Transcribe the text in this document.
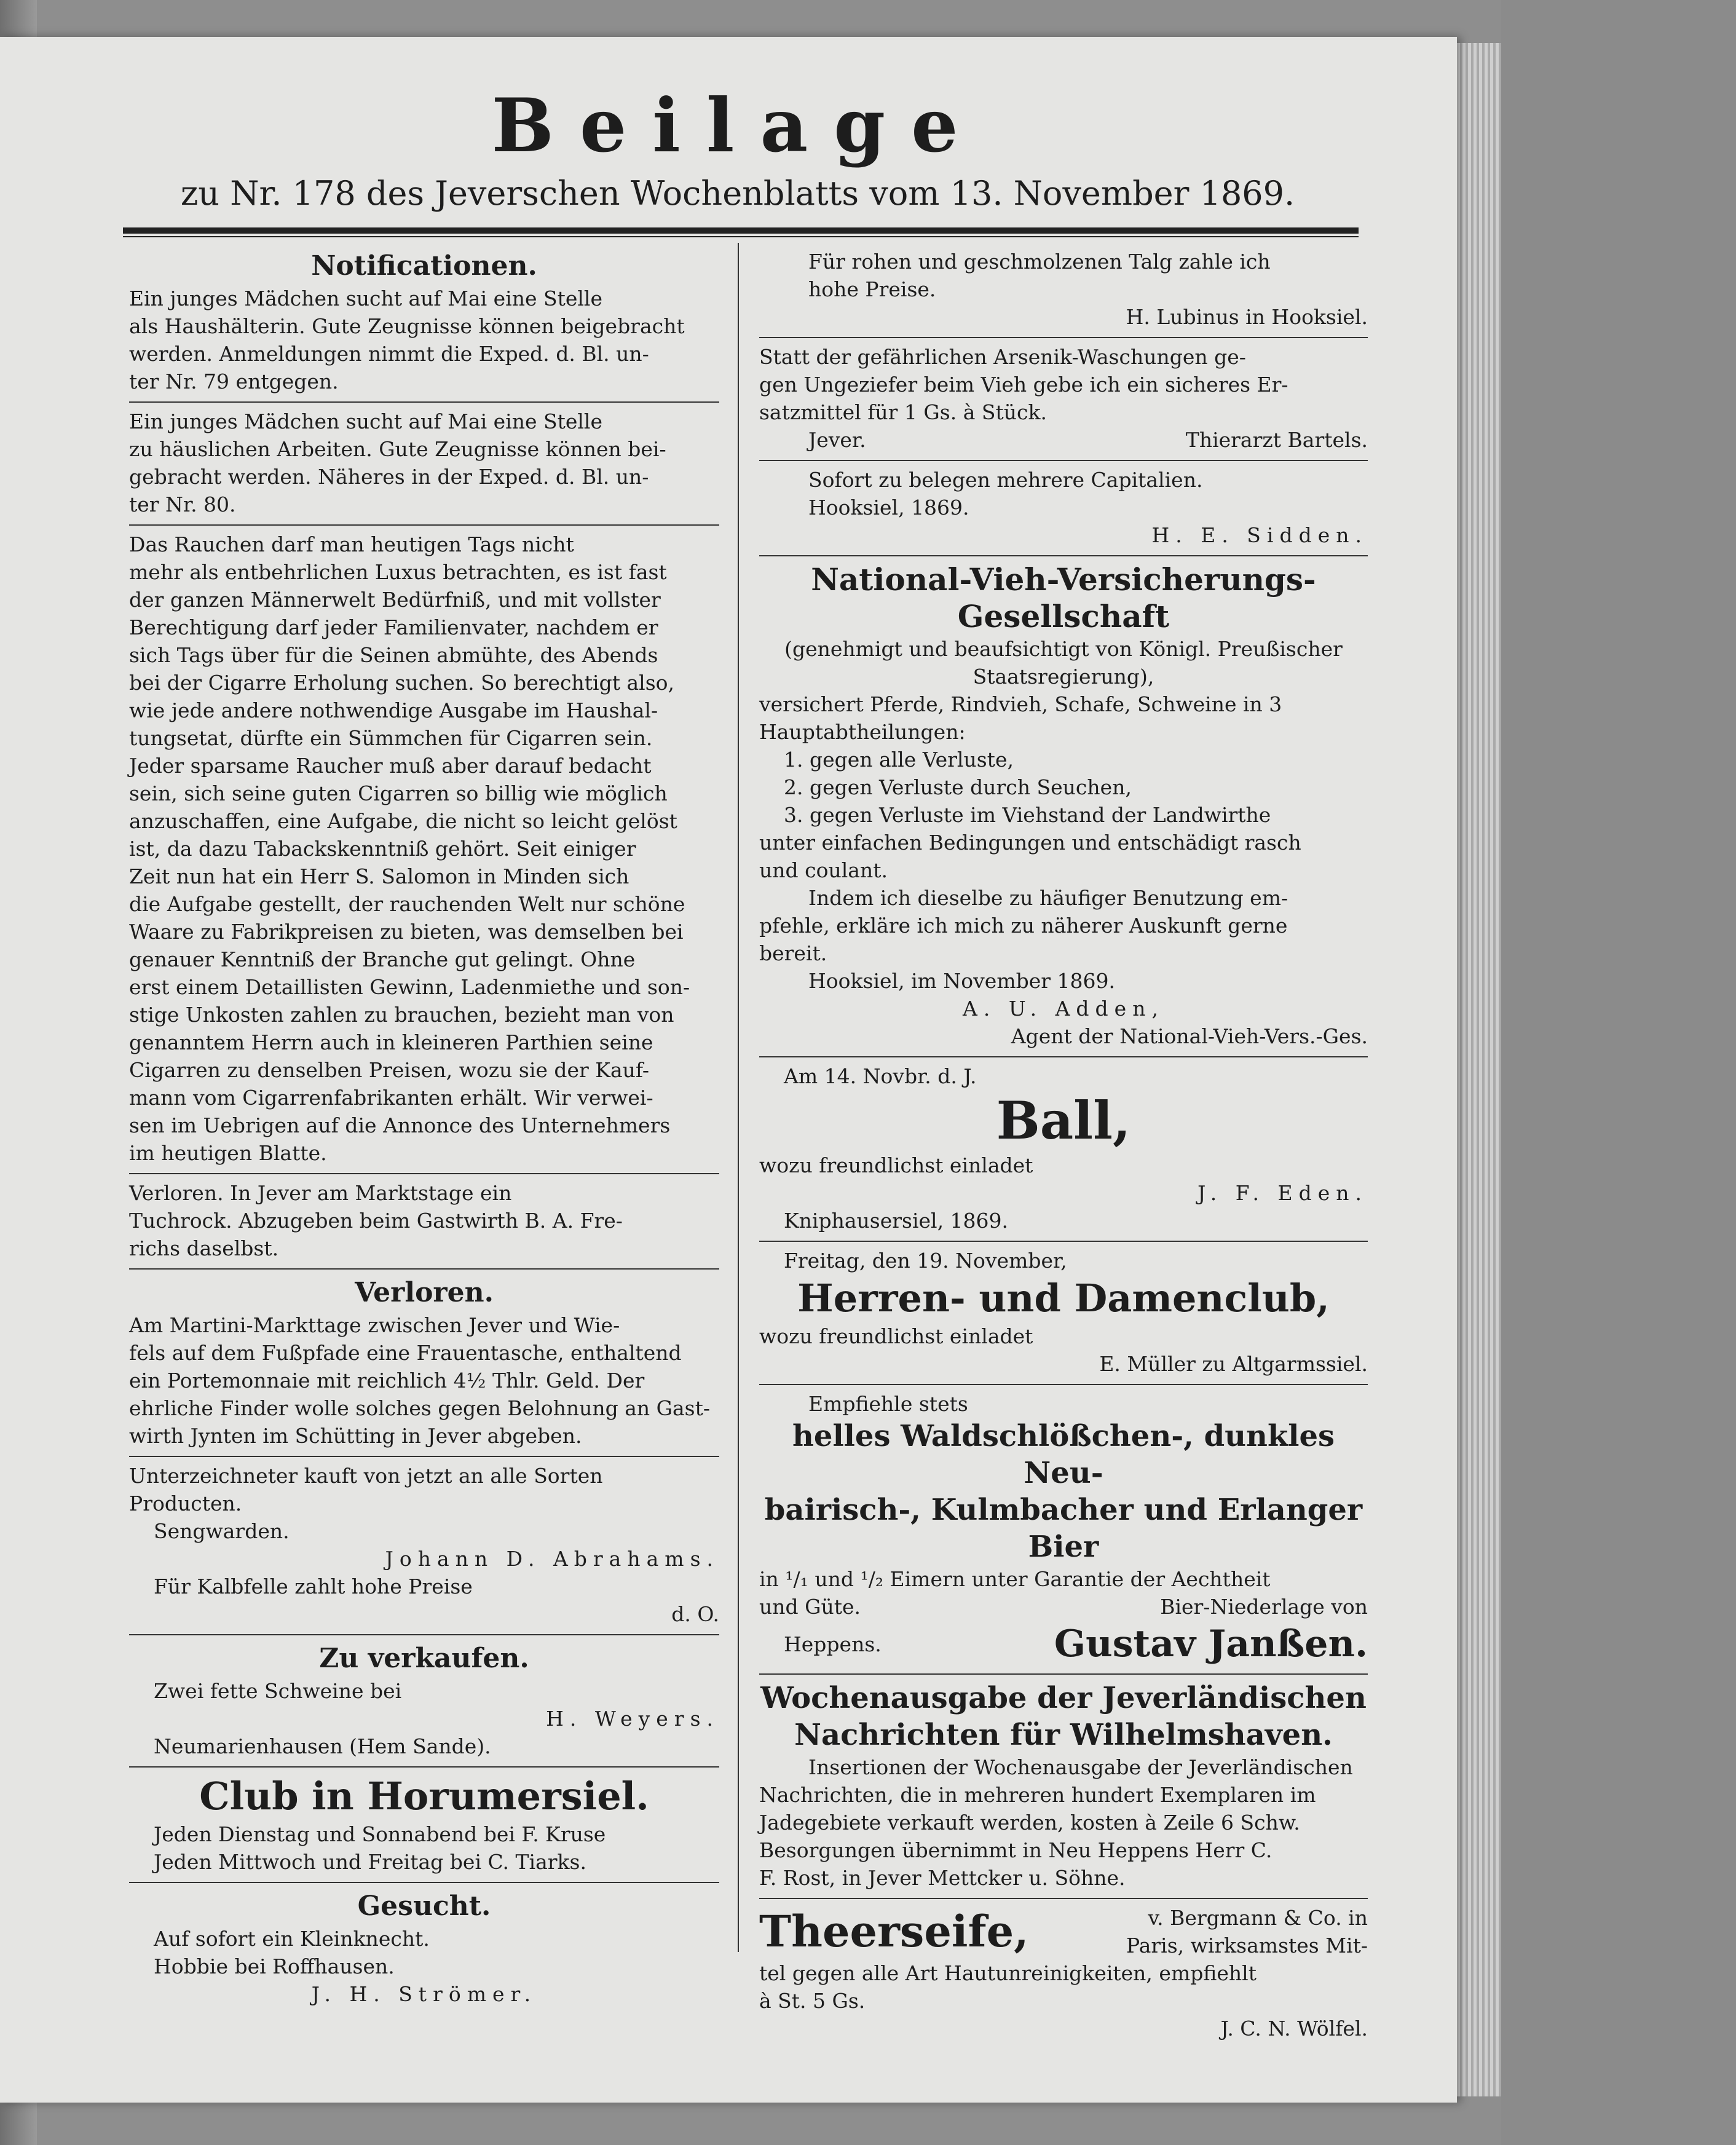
Beilage
zu Nr. 178 des Jeverschen Wochenblatts vom 13. November 1869.
Notificationen.

Ein junges Mädchen sucht auf Mai eine Stelle

als Haushälterin. Gute Zeugnisse können beigebracht

werden. Anmeldungen nimmt die Exped. d. Bl. un-

ter Nr. 79 entgegen.

Ein junges Mädchen sucht auf Mai eine Stelle

zu häuslichen Arbeiten. Gute Zeugnisse können bei-

gebracht werden. Näheres in der Exped. d. Bl. un-

ter Nr. 80.

Das Rauchen darf man heutigen Tags nicht

mehr als entbehrlichen Luxus betrachten, es ist fast

der ganzen Männerwelt Bedürfniß, und mit vollster

Berechtigung darf jeder Familienvater, nachdem er

sich Tags über für die Seinen abmühte, des Abends

bei der Cigarre Erholung suchen. So berechtigt also,

wie jede andere nothwendige Ausgabe im Haushal-

tungsetat, dürfte ein Sümmchen für Cigarren sein.

Jeder sparsame Raucher muß aber darauf bedacht

sein, sich seine guten Cigarren so billig wie möglich

anzuschaffen, eine Aufgabe, die nicht so leicht gelöst

ist, da dazu Tabackskenntniß gehört. Seit einiger

Zeit nun hat ein Herr S. Salomon in Minden sich

die Aufgabe gestellt, der rauchenden Welt nur schöne

Waare zu Fabrikpreisen zu bieten, was demselben bei

genauer Kenntniß der Branche gut gelingt. Ohne

erst einem Detaillisten Gewinn, Ladenmiethe und son-

stige Unkosten zahlen zu brauchen, bezieht man von

genanntem Herrn auch in kleineren Parthien seine

Cigarren zu denselben Preisen, wozu sie der Kauf-

mann vom Cigarrenfabrikanten erhält. Wir verwei-

sen im Uebrigen auf die Annonce des Unternehmers

im heutigen Blatte.

Verloren. In Jever am Marktstage ein

Tuchrock. Abzugeben beim Gastwirth B. A. Fre-

richs daselbst.

Verloren.

Am Martini-Markttage zwischen Jever und Wie-

fels auf dem Fußpfade eine Frauentasche, enthaltend

ein Portemonnaie mit reichlich 4½ Thlr. Geld. Der

ehrliche Finder wolle solches gegen Belohnung an Gast-

wirth Jynten im Schütting in Jever abgeben.

Unterzeichneter kauft von jetzt an alle Sorten

Producten.

Sengwarden.

Johann D. Abrahams.

Für Kalbfelle zahlt hohe Preise

d. O.

Zu verkaufen.

Zwei fette Schweine bei

H. Weyers.

Neumarienhausen (Hem Sande).

Club in Horumersiel.

Jeden Dienstag und Sonnabend bei F. Kruse

Jeden Mittwoch und Freitag bei C. Tiarks.

Gesucht.

Auf sofort ein Kleinknecht.

Hobbie bei Roffhausen.

J. H. Strömer.

Für rohen und geschmolzenen Talg zahle ich

hohe Preise.

H. Lubinus in Hooksiel.

Statt der gefährlichen Arsenik-Waschungen ge-

gen Ungeziefer beim Vieh gebe ich ein sicheres Er-

satzmittel für 1 Gs. à Stück.

Jever.	Thierarzt Bartels.

Sofort zu belegen mehrere Capitalien.

Hooksiel, 1869.

H. E. Sidden.

National-Vieh-Versicherungs-
Gesellschaft

(genehmigt und beaufsichtigt von Königl. Preußischer

Staatsregierung),

versichert Pferde, Rindvieh, Schafe, Schweine in 3

Hauptabtheilungen:

1. gegen alle Verluste,

2. gegen Verluste durch Seuchen,

3. gegen Verluste im Viehstand der Landwirthe

unter einfachen Bedingungen und entschädigt rasch

und coulant.

Indem ich dieselbe zu häufiger Benutzung em-

pfehle, erkläre ich mich zu näherer Auskunft gerne

bereit.

Hooksiel, im November 1869.

A. U. Adden,

Agent der National-Vieh-Vers.-Ges.

Am 14. Novbr. d. J.

Ball,

wozu freundlichst einladet

J. F. Eden.

Kniphausersiel, 1869.

Freitag, den 19. November,

Herren- und Damenclub,

wozu freundlichst einladet

E. Müller zu Altgarmssiel.

Empfiehle stets

helles Waldschlößchen-, dunkles Neu-
bairisch-, Kulmbacher und Erlanger
Bier

in ¹/₁ und ¹/₂ Eimern unter Garantie der Aechtheit

und Güte.	Bier-Niederlage von
Heppens.	Gustav Janßen.
Wochenausgabe der Jeverländischen
Nachrichten für Wilhelmshaven.

Insertionen der Wochenausgabe der Jeverländischen

Nachrichten, die in mehreren hundert Exemplaren im

Jadegebiete verkauft werden, kosten à Zeile 6 Schw.

Besorgungen übernimmt in Neu Heppens Herr C.

F. Rost, in Jever Mettcker u. Söhne.

Theerseife,	v. Bergmann & Co. in

Paris, wirksamstes Mit-

tel gegen alle Art Hautunreinigkeiten, empfiehlt

à St. 5 Gs.

J. C. N. Wölfel.
